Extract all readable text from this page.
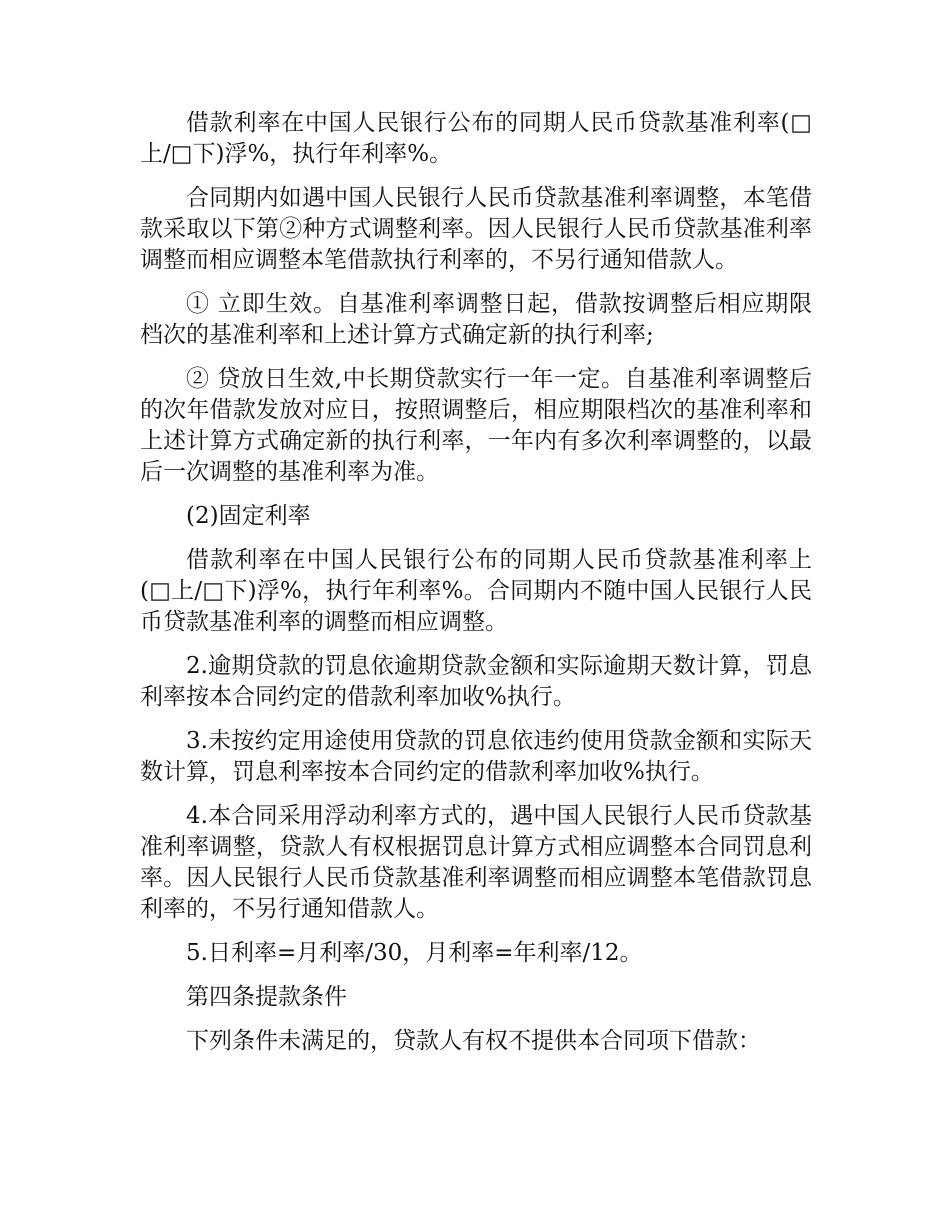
借款利率在中国人民银行公布的同期人民币贷款基准利率(□上/□下)浮%，执行年利率%。

合同期内如遇中国人民银行人民币贷款基准利率调整，本笔借款采取以下第②种方式调整利率。因人民银行人民币贷款基准利率调整而相应调整本笔借款执行利率的，不另行通知借款人。

① 立即生效。自基准利率调整日起，借款按调整后相应期限档次的基准利率和上述计算方式确定新的执行利率;

② 贷放日生效,中长期贷款实行一年一定。自基准利率调整后的次年借款发放对应日，按照调整后，相应期限档次的基准利率和上述计算方式确定新的执行利率，一年内有多次利率调整的，以最后一次调整的基准利率为准。

(2)固定利率

借款利率在中国人民银行公布的同期人民币贷款基准利率上(□上/□下)浮%，执行年利率%。合同期内不随中国人民银行人民币贷款基准利率的调整而相应调整。

2.逾期贷款的罚息依逾期贷款金额和实际逾期天数计算，罚息利率按本合同约定的借款利率加收%执行。

3.未按约定用途使用贷款的罚息依违约使用贷款金额和实际天数计算，罚息利率按本合同约定的借款利率加收%执行。

4.本合同采用浮动利率方式的，遇中国人民银行人民币贷款基准利率调整，贷款人有权根据罚息计算方式相应调整本合同罚息利率。因人民银行人民币贷款基准利率调整而相应调整本笔借款罚息利率的，不另行通知借款人。

5.日利率=月利率/30，月利率=年利率/12。

第四条提款条件

下列条件未满足的，贷款人有权不提供本合同项下借款：
